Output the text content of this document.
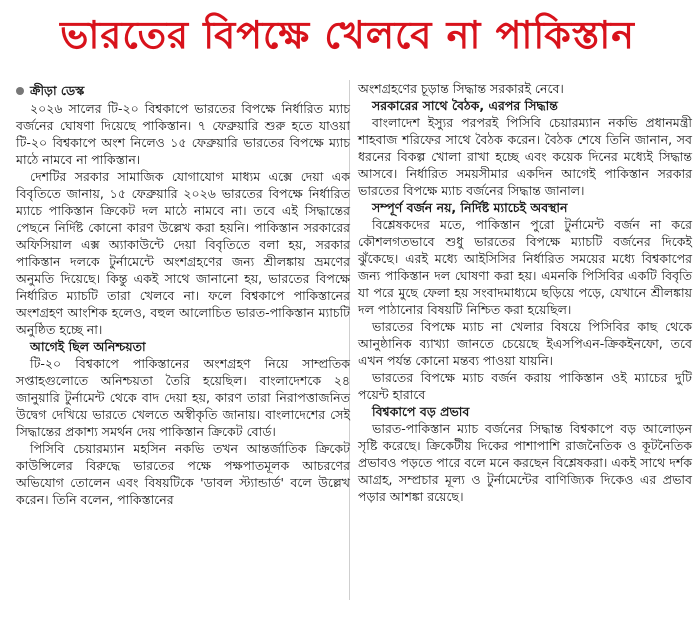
ভারতের বিপক্ষে খেলবে না পাকিস্তান
ক্রীড়া ডেস্ক

২০২৬ সালের টি-২০ বিশ্বকাপে ভারতের বিপক্ষে নির্ধারিত ম্যাচ বর্জনের ঘোষণা দিয়েছে পাকিস্তান। ৭ ফেব্রুয়ারি শুরু হতে যাওয়া টি-২০ বিশ্বকাপে অংশ নিলেও ১৫ ফেব্রুয়ারি ভারতের বিপক্ষে ম্যাচ মাঠে নামবে না পাকিস্তান।

দেশটির সরকার সামাজিক যোগাযোগ মাধ্যম এক্সে দেয়া এক বিবৃতিতে জানায়, ১৫ ফেব্রুয়ারি ২০২৬ ভারতের বিপক্ষে নির্ধারিত ম্যাচে পাকিস্তান ক্রিকেট দল মাঠে নামবে না। তবে এই সিদ্ধান্তের পেছনে নির্দিষ্ট কোনো কারণ উল্লেখ করা হয়নি। পাকিস্তান সরকারের অফিসিয়াল এক্স অ্যাকাউন্টে দেয়া বিবৃতিতে বলা হয়, সরকার পাকিস্তান দলকে টুর্নামেন্টে অংশগ্রহণের জন্য শ্রীলঙ্কায় ভ্রমণের অনুমতি দিয়েছে। কিন্তু একই সাথে জানানো হয়, ভারতের বিপক্ষে নির্ধারিত ম্যাচটি তারা খেলবে না। ফলে বিশ্বকাপে পাকিস্তানের অংশগ্রহণ আংশিক হলেও, বহুল আলোচিত ভারত-পাকিস্তান ম্যাচটি অনুষ্ঠিত হচ্ছে না।

আগেই ছিল অনিশ্চয়তা

টি-২০ বিশ্বকাপে পাকিস্তানের অংশগ্রহণ নিয়ে সাম্প্রতিক সপ্তাহগুলোতে অনিশ্চয়তা তৈরি হয়েছিল। বাংলাদেশকে ২৪ জানুয়ারি টুর্নামেন্ট থেকে বাদ দেয়া হয়, কারণ তারা নিরাপত্তাজনিত উদ্বেগ দেখিয়ে ভারতে খেলতে অস্বীকৃতি জানায়। বাংলাদেশের সেই সিদ্ধান্তের প্রকাশ্য সমর্থন দেয় পাকিস্তান ক্রিকেট বোর্ড।

পিসিবি চেয়ারম্যান মহসিন নকভি তখন আন্তর্জাতিক ক্রিকেট কাউন্সিলের বিরুদ্ধে ভারতের পক্ষে পক্ষপাতমূলক আচরণের অভিযোগ তোলেন এবং বিষয়টিকে 'ডাবল স্ট্যান্ডার্ড' বলে উল্লেখ করেন। তিনি বলেন, পাকিস্তানের

অংশগ্রহণের চূড়ান্ত সিদ্ধান্ত সরকারই নেবে।

সরকারের সাথে বৈঠক, এরপর সিদ্ধান্ত

বাংলাদেশ ইস্যুর পরপরই পিসিবি চেয়ারম্যান নকভি প্রধানমন্ত্রী শাহবাজ শরিফের সাথে বৈঠক করেন। বৈঠক শেষে তিনি জানান, সব ধরনের বিকল্প খোলা রাখা হচ্ছে এবং কয়েক দিনের মধ্যেই সিদ্ধান্ত আসবে। নির্ধারিত সময়সীমার একদিন আগেই পাকিস্তান সরকার ভারতের বিপক্ষে ম্যাচ বর্জনের সিদ্ধান্ত জানাল।

সম্পূর্ণ বর্জন নয়, নির্দিষ্ট ম্যাচেই অবস্থান

বিশ্লেষকদের মতে, পাকিস্তান পুরো টুর্নামেন্ট বর্জন না করে কৌশলগতভাবে শুধু ভারতের বিপক্ষে ম্যাচটি বর্জনের দিকেই ঝুঁকেছে। এরই মধ্যে আইসিসির নির্ধারিত সময়ের মধ্যে বিশ্বকাপের জন্য পাকিস্তান দল ঘোষণা করা হয়। এমনকি পিসিবির একটি বিবৃতি যা পরে মুছে ফেলা হয় সংবাদমাধ্যমে ছড়িয়ে পড়ে, যেখানে শ্রীলঙ্কায় দল পাঠানোর বিষয়টি নিশ্চিত করা হয়েছিল।

ভারতের বিপক্ষে ম্যাচ না খেলার বিষয়ে পিসিবির কাছ থেকে আনুষ্ঠানিক ব্যাখ্যা জানতে চেয়েছে ইএসপিএন-ক্রিকইনফো, তবে এখন পর্যন্ত কোনো মন্তব্য পাওয়া যায়নি।

ভারতের বিপক্ষে ম্যাচ বর্জন করায় পাকিস্তান ওই ম্যাচের দুটি পয়েন্ট হারাবে

বিশ্বকাপে বড় প্রভাব

ভারত-পাকিস্তান ম্যাচ বর্জনের সিদ্ধান্ত বিশ্বকাপে বড় আলোড়ন সৃষ্টি করেছে। ক্রিকেটীয় দিকের পাশাপাশি রাজনৈতিক ও কূটনৈতিক প্রভাবও পড়তে পারে বলে মনে করছেন বিশ্লেষকরা। একই সাথে দর্শক আগ্রহ, সম্প্রচার মূল্য ও টুর্নামেন্টের বাণিজ্যিক দিকেও এর প্রভাব পড়ার আশঙ্কা রয়েছে।
